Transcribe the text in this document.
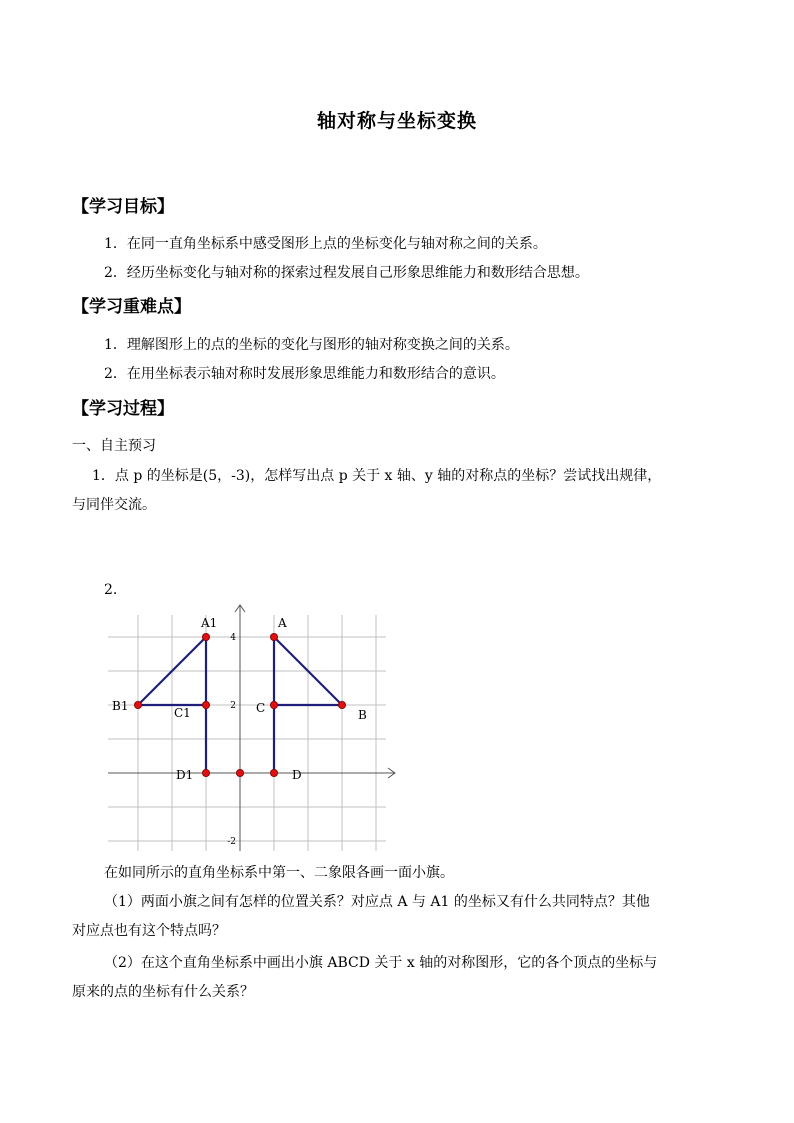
轴对称与坐标变换
【学习目标】
1．在同一直角坐标系中感受图形上点的坐标变化与轴对称之间的关系。
2．经历坐标变化与轴对称的探索过程发展自己形象思维能力和数形结合思想。
【学习重难点】
1．理解图形上的点的坐标的变化与图形的轴对称变换之间的关系。
2．在用坐标表示轴对称时发展形象思维能力和数形结合的意识。
【学习过程】
一、自主预习
1．点 p 的坐标是(5，-3)，怎样写出点 p 关于 x 轴、y 轴的对称点的坐标？尝试找出规律，
与同伴交流。
2.
4
2
-2
A
B
C
D
A1
B1	C1
D1
在如同所示的直角坐标系中第一、二象限各画一面小旗。
（1）两面小旗之间有怎样的位置关系？对应点 A 与 A1 的坐标又有什么共同特点？其他
对应点也有这个特点吗？
（2）在这个直角坐标系中画出小旗 ABCD 关于 x 轴的对称图形，它的各个顶点的坐标与
原来的点的坐标有什么关系？
